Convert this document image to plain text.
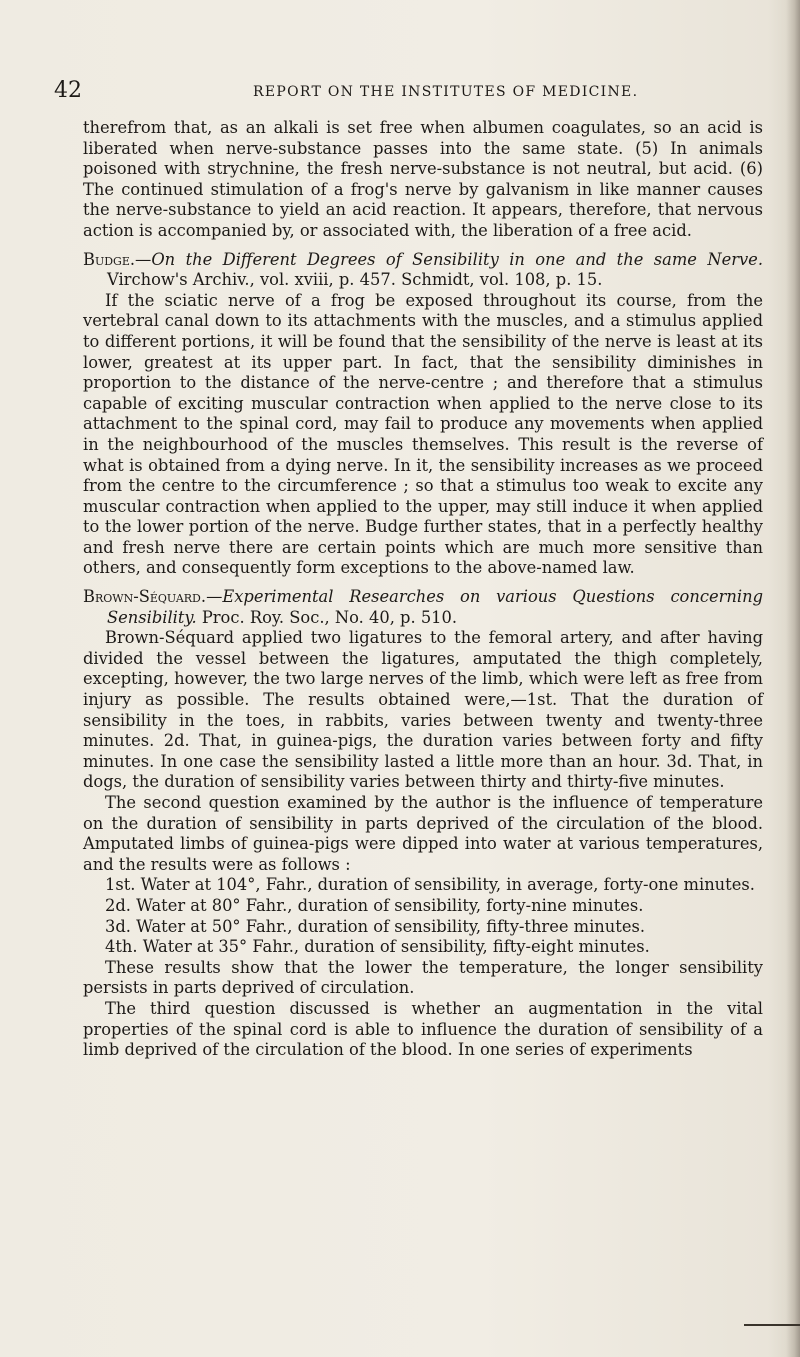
42	REPORT ON THE INSTITUTES OF MEDICINE.

therefrom that, as an alkali is set free when albumen coagulates, so an acid is liberated when nerve-substance passes into the same state. (5) In animals poisoned with strychnine, the fresh nerve-substance is not neutral, but acid. (6) The continued stimulation of a frog's nerve by galvanism in like manner causes the nerve-substance to yield an acid reaction. It appears, therefore, that nervous action is accompanied by, or associated with, the liberation of a free acid.

Budge.—On the Different Degrees of Sensibility in one and the same Nerve. Virchow's Archiv., vol. xviii, p. 457. Schmidt, vol. 108, p. 15.

If the sciatic nerve of a frog be exposed throughout its course, from the vertebral canal down to its attachments with the muscles, and a stimulus applied to different portions, it will be found that the sensibility of the nerve is least at its lower, greatest at its upper part. In fact, that the sensibility diminishes in proportion to the distance of the nerve-centre ; and therefore that a stimulus capable of exciting muscular contraction when applied to the nerve close to its attachment to the spinal cord, may fail to produce any movements when applied in the neighbourhood of the muscles themselves. This result is the reverse of what is obtained from a dying nerve. In it, the sensibility increases as we proceed from the centre to the circumference ; so that a stimulus too weak to excite any muscular contraction when applied to the upper, may still induce it when applied to the lower portion of the nerve. Budge further states, that in a perfectly healthy and fresh nerve there are certain points which are much more sensitive than others, and consequently form exceptions to the above-named law.

Brown-Séquard.—Experimental Researches on various Questions concerning Sensibility. Proc. Roy. Soc., No. 40, p. 510.

Brown-Séquard applied two ligatures to the femoral artery, and after having divided the vessel between the ligatures, amputated the thigh completely, excepting, however, the two large nerves of the limb, which were left as free from injury as possible. The results obtained were,—1st. That the duration of sensibility in the toes, in rabbits, varies between twenty and twenty-three minutes. 2d. That, in guinea-pigs, the duration varies between forty and fifty minutes. In one case the sensibility lasted a little more than an hour. 3d. That, in dogs, the duration of sensibility varies between thirty and thirty-five minutes.

The second question examined by the author is the influence of temperature on the duration of sensibility in parts deprived of the circulation of the blood. Amputated limbs of guinea-pigs were dipped into water at various temperatures, and the results were as follows :

1st. Water at 104°, Fahr., duration of sensibility, in average, forty-one minutes.

2d. Water at 80° Fahr., duration of sensibility, forty-nine minutes.

3d. Water at 50° Fahr., duration of sensibility, fifty-three minutes.

4th. Water at 35° Fahr., duration of sensibility, fifty-eight minutes.

These results show that the lower the temperature, the longer sensibility persists in parts deprived of circulation.

The third question discussed is whether an augmentation in the vital properties of the spinal cord is able to influence the duration of sensibility of a limb deprived of the circulation of the blood. In one series of experiments
